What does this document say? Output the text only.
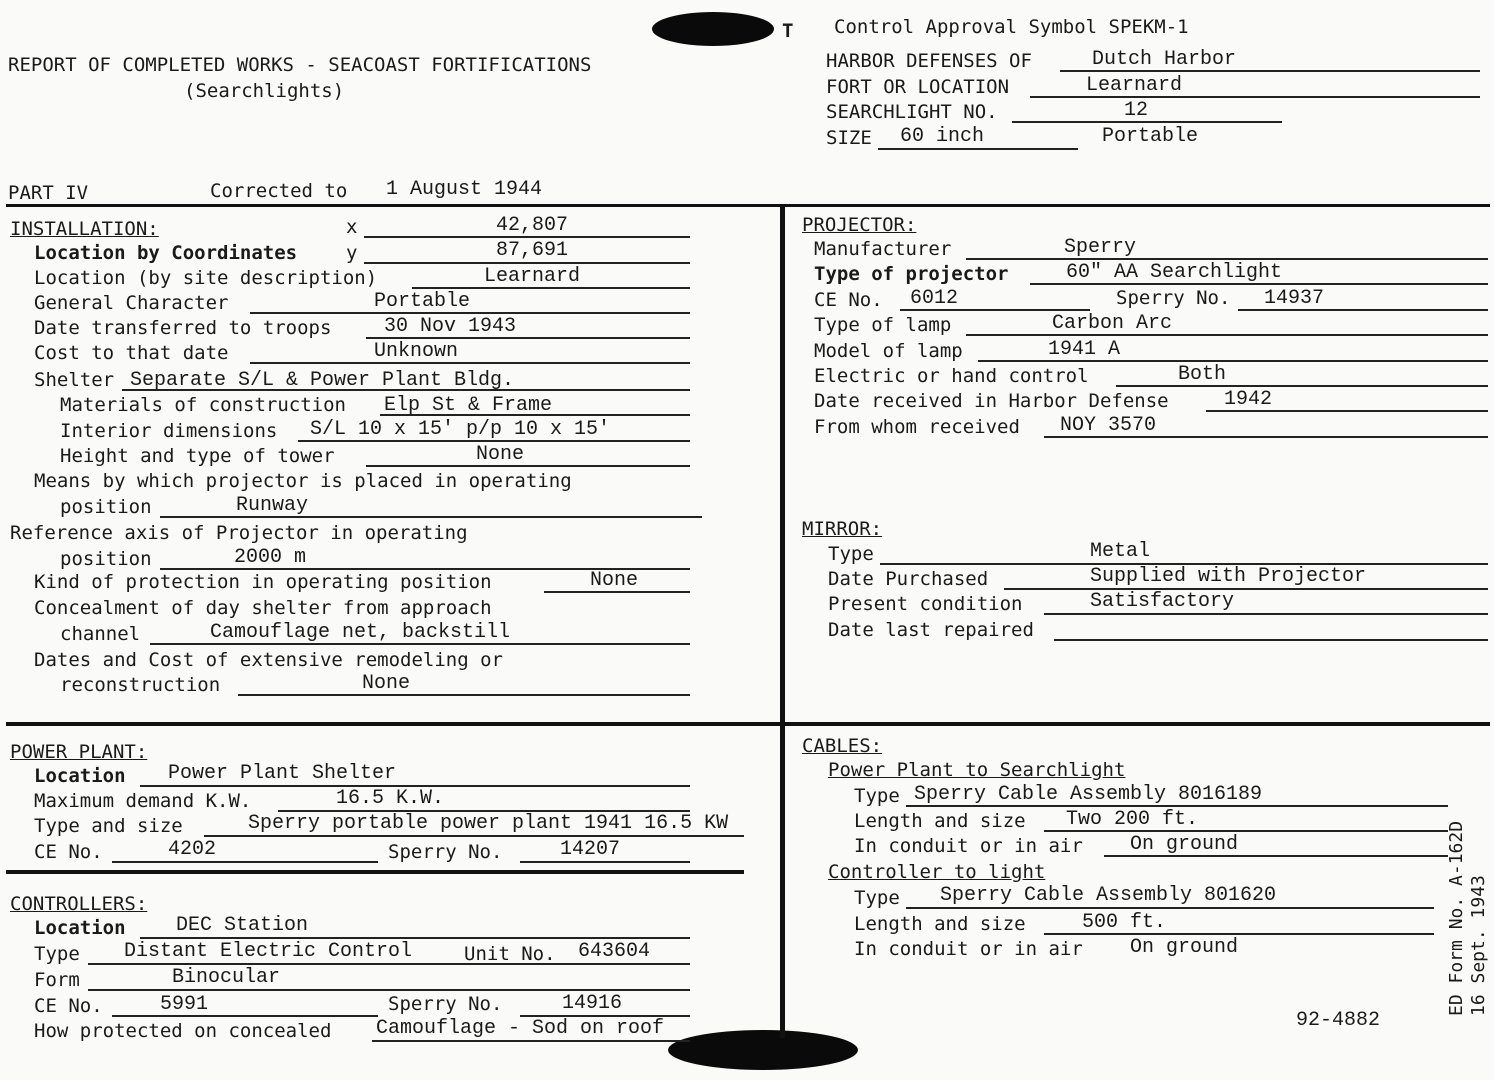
T Control Approval Symbol SPEKM-1
HARBOR DEFENSES OF	Dutch Harbor
FORT OR LOCATION	Learnard
SEARCHLIGHT NO.	12
SIZE 60 inch	Portable
REPORT OF COMPLETED WORKS - SEACOAST FORTIFICATIONS
(Searchlights)
PART IV	Corrected to 1 August 1944
INSTALLATION:	x	42,807
Location by Coordinates	y	87,691
Location (by site description)	Learnard
General Character	Portable
Date transferred to troops	30 Nov 1943
Cost to that date	Unknown
Shelter Separate S/L & Power Plant Bldg.
Materials of construction Elp St & Frame
Interior dimensions S/L 10 x 15' p/p 10 x 15'
Height and type of tower	None
Means by which projector is placed in operating
position	Runway
Reference axis of Projector in operating
position	2000 m
Kind of protection in operating position	None
Concealment of day shelter from approach
channel	Camouflage net, backstill
Dates and Cost of extensive remodeling or
reconstruction	None
PROJECTOR:
Manufacturer	Sperry
Type of projector	60" AA Searchlight
CE No. 6012	Sperry No. 14937
Type of lamp	Carbon Arc
Model of lamp	1941 A
Electric or hand control	Both
Date received in Harbor Defense	1942
From whom received NOY 3570
MIRROR:
Type	Metal
Date Purchased	Supplied with Projector
Present condition	Satisfactory
Date last repaired
POWER PLANT:
Location Power Plant Shelter
Maximum demand K.W.	16.5 K.W.
Type and size	Sperry portable power plant 1941 16.5 KW
CE No.	4202	Sperry No.	14207
CONTROLLERS:
Location	DEC Station
Type Distant Electric Control	Unit No. 643604
Form	Binocular
CE No.	5991	Sperry No.	14916
How protected on concealed Camouflage - Sod on roof
CABLES:
Power Plant to Searchlight
Type Sperry Cable Assembly 8016189
Length and size Two 200 ft.
In conduit or in air On ground
Controller to light
Type Sperry Cable Assembly 801620
Length and size	500 ft.
In conduit or in air On ground
92-4882
ED Form No. A-162D 16 Sept. 1943
